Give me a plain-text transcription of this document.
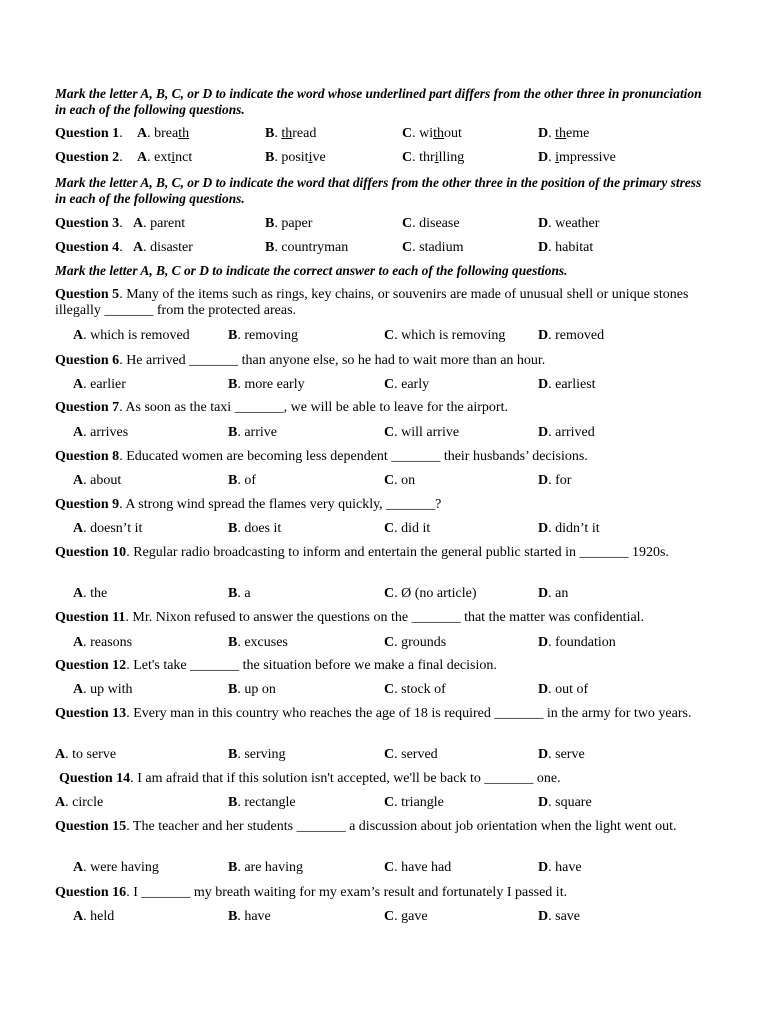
Mark the letter A, B, C, or D to indicate the word whose underlined part differs from the other three in pronunciation in each of the following questions.
Question 1.	A. breath	B. thread	C. without	D. theme
Question 2.	A. extinct	B. positive	C. thrilling	D. impressive
Mark the letter A, B, C, or D to indicate the word that differs from the other three in the position of the primary stress in each of the following questions.
Question 3. A. parent	B. paper	C. disease	D. weather
Question 4. A. disaster	B. countryman	C. stadium	D. habitat
Mark the letter A, B, C or D to indicate the correct answer to each of the following questions.
Question 5. Many of the items such as rings, key chains, or souvenirs are made of unusual shell or unique stones illegally _______ from the protected areas.
A. which is removed	B. removing	C. which is removing D. removed
Question 6. He arrived _______ than anyone else, so he had to wait more than an hour.
A. earlier	B. more early	C. early	D. earliest
Question 7. As soon as the taxi _______, we will be able to leave for the airport.
A. arrives	B. arrive	C. will arrive	D. arrived
Question 8. Educated women are becoming less dependent _______ their husbands’ decisions.
A. about	B. of	C. on	D. for
Question 9. A strong wind spread the flames very quickly, _______?
A. doesn’t it	B. does it	C. did it	D. didn’t it
Question 10. Regular radio broadcasting to inform and entertain the general public started in _______ 1920s.
A. the	B. a	C. Ø (no article)	D. an
Question 11. Mr. Nixon refused to answer the questions on the _______ that the matter was confidential.
A. reasons	B. excuses	C. grounds	D. foundation
Question 12. Let's take _______ the situation before we make a final decision.
A. up with	B. up on	C. stock of	D. out of
Question 13. Every man in this country who reaches the age of 18 is required _______ in the army for two years.
A. to serve	B. serving	C. served	D. serve
Question 14. I am afraid that if this solution isn't accepted, we'll be back to _______ one.
A. circle	B. rectangle	C. triangle	D. square
Question 15. The teacher and her students _______ a discussion about job orientation when the light went out.
A. were having	B. are having	C. have had	D. have
Question 16. I _______ my breath waiting for my exam’s result and fortunately I passed it.
A. held	B. have	C. gave	D. save
